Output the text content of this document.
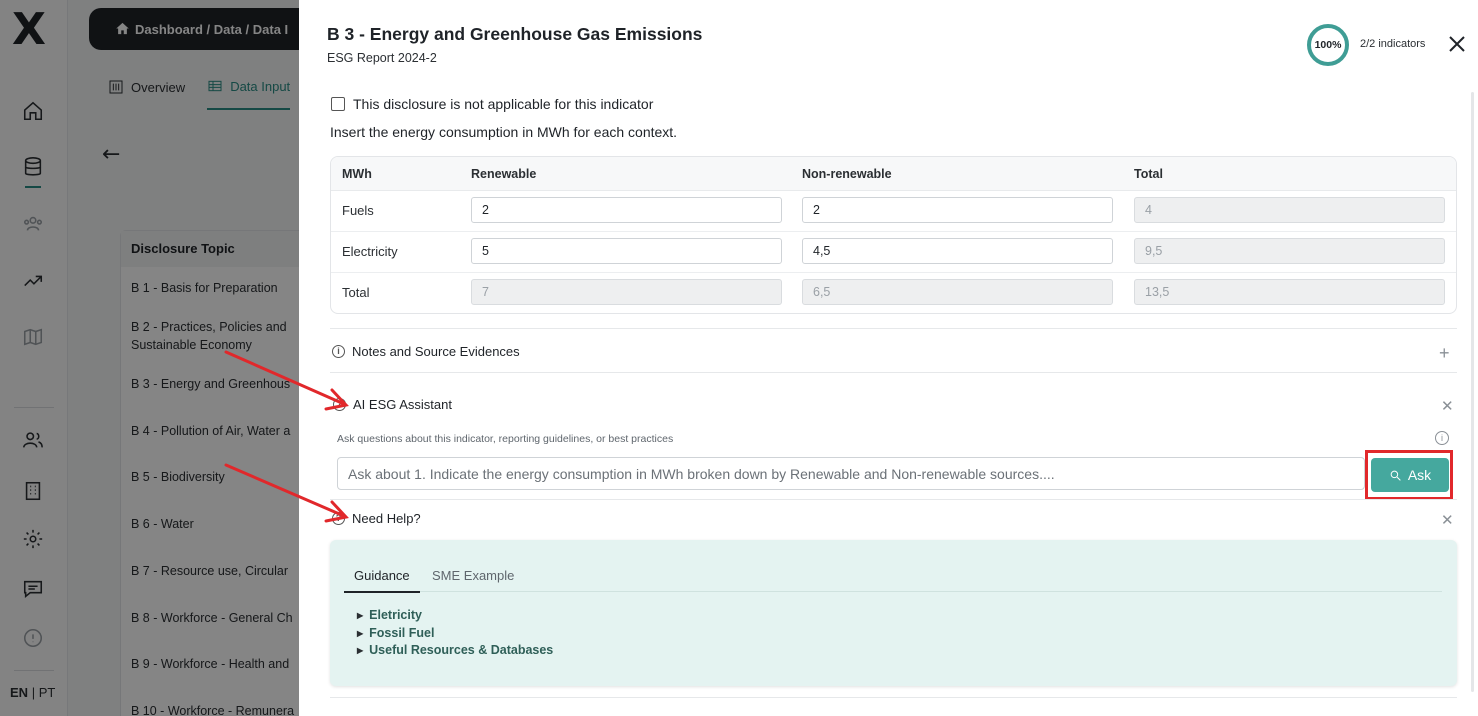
X
EN | PT
Dashboard / Data / Data I
Overview	Data Input
←
Disclosure Topic
B 1 - Basis for Preparation
B 2 - Practices, Policies and
Sustainable Economy
B 3 - Energy and Greenhous
B 4 - Pollution of Air, Water a
B 5 - Biodiversity
B 6 - Water
B 7 - Resource use, Circular
B 8 - Workforce - General Ch
B 9 - Workforce - Health and
B 10 - Workforce - Remunera
B 3 - Energy and Greenhouse Gas Emissions
ESG Report 2024-2
100% 2/2 indicators
This disclosure is not applicable for this indicator
Insert the energy consumption in MWh for each context.
MWh	Renewable	Non-renewable	Total
Fuels	2	2	4
Electricity	5	4,5	9,5
Total	7	6,5	13,5
i Notes and Source Evidences	+
? AI ESG Assistant	✕
Ask questions about this indicator, reporting guidelines, or best practices	i
Ask about 1. Indicate the energy consumption in MWh broken down by Renewable and Non-renewable sources....	Ask
? Need Help?	✕
Guidance	SME Example
▶ Eletricity
▶ Fossil Fuel
▶ Useful Resources & Databases
